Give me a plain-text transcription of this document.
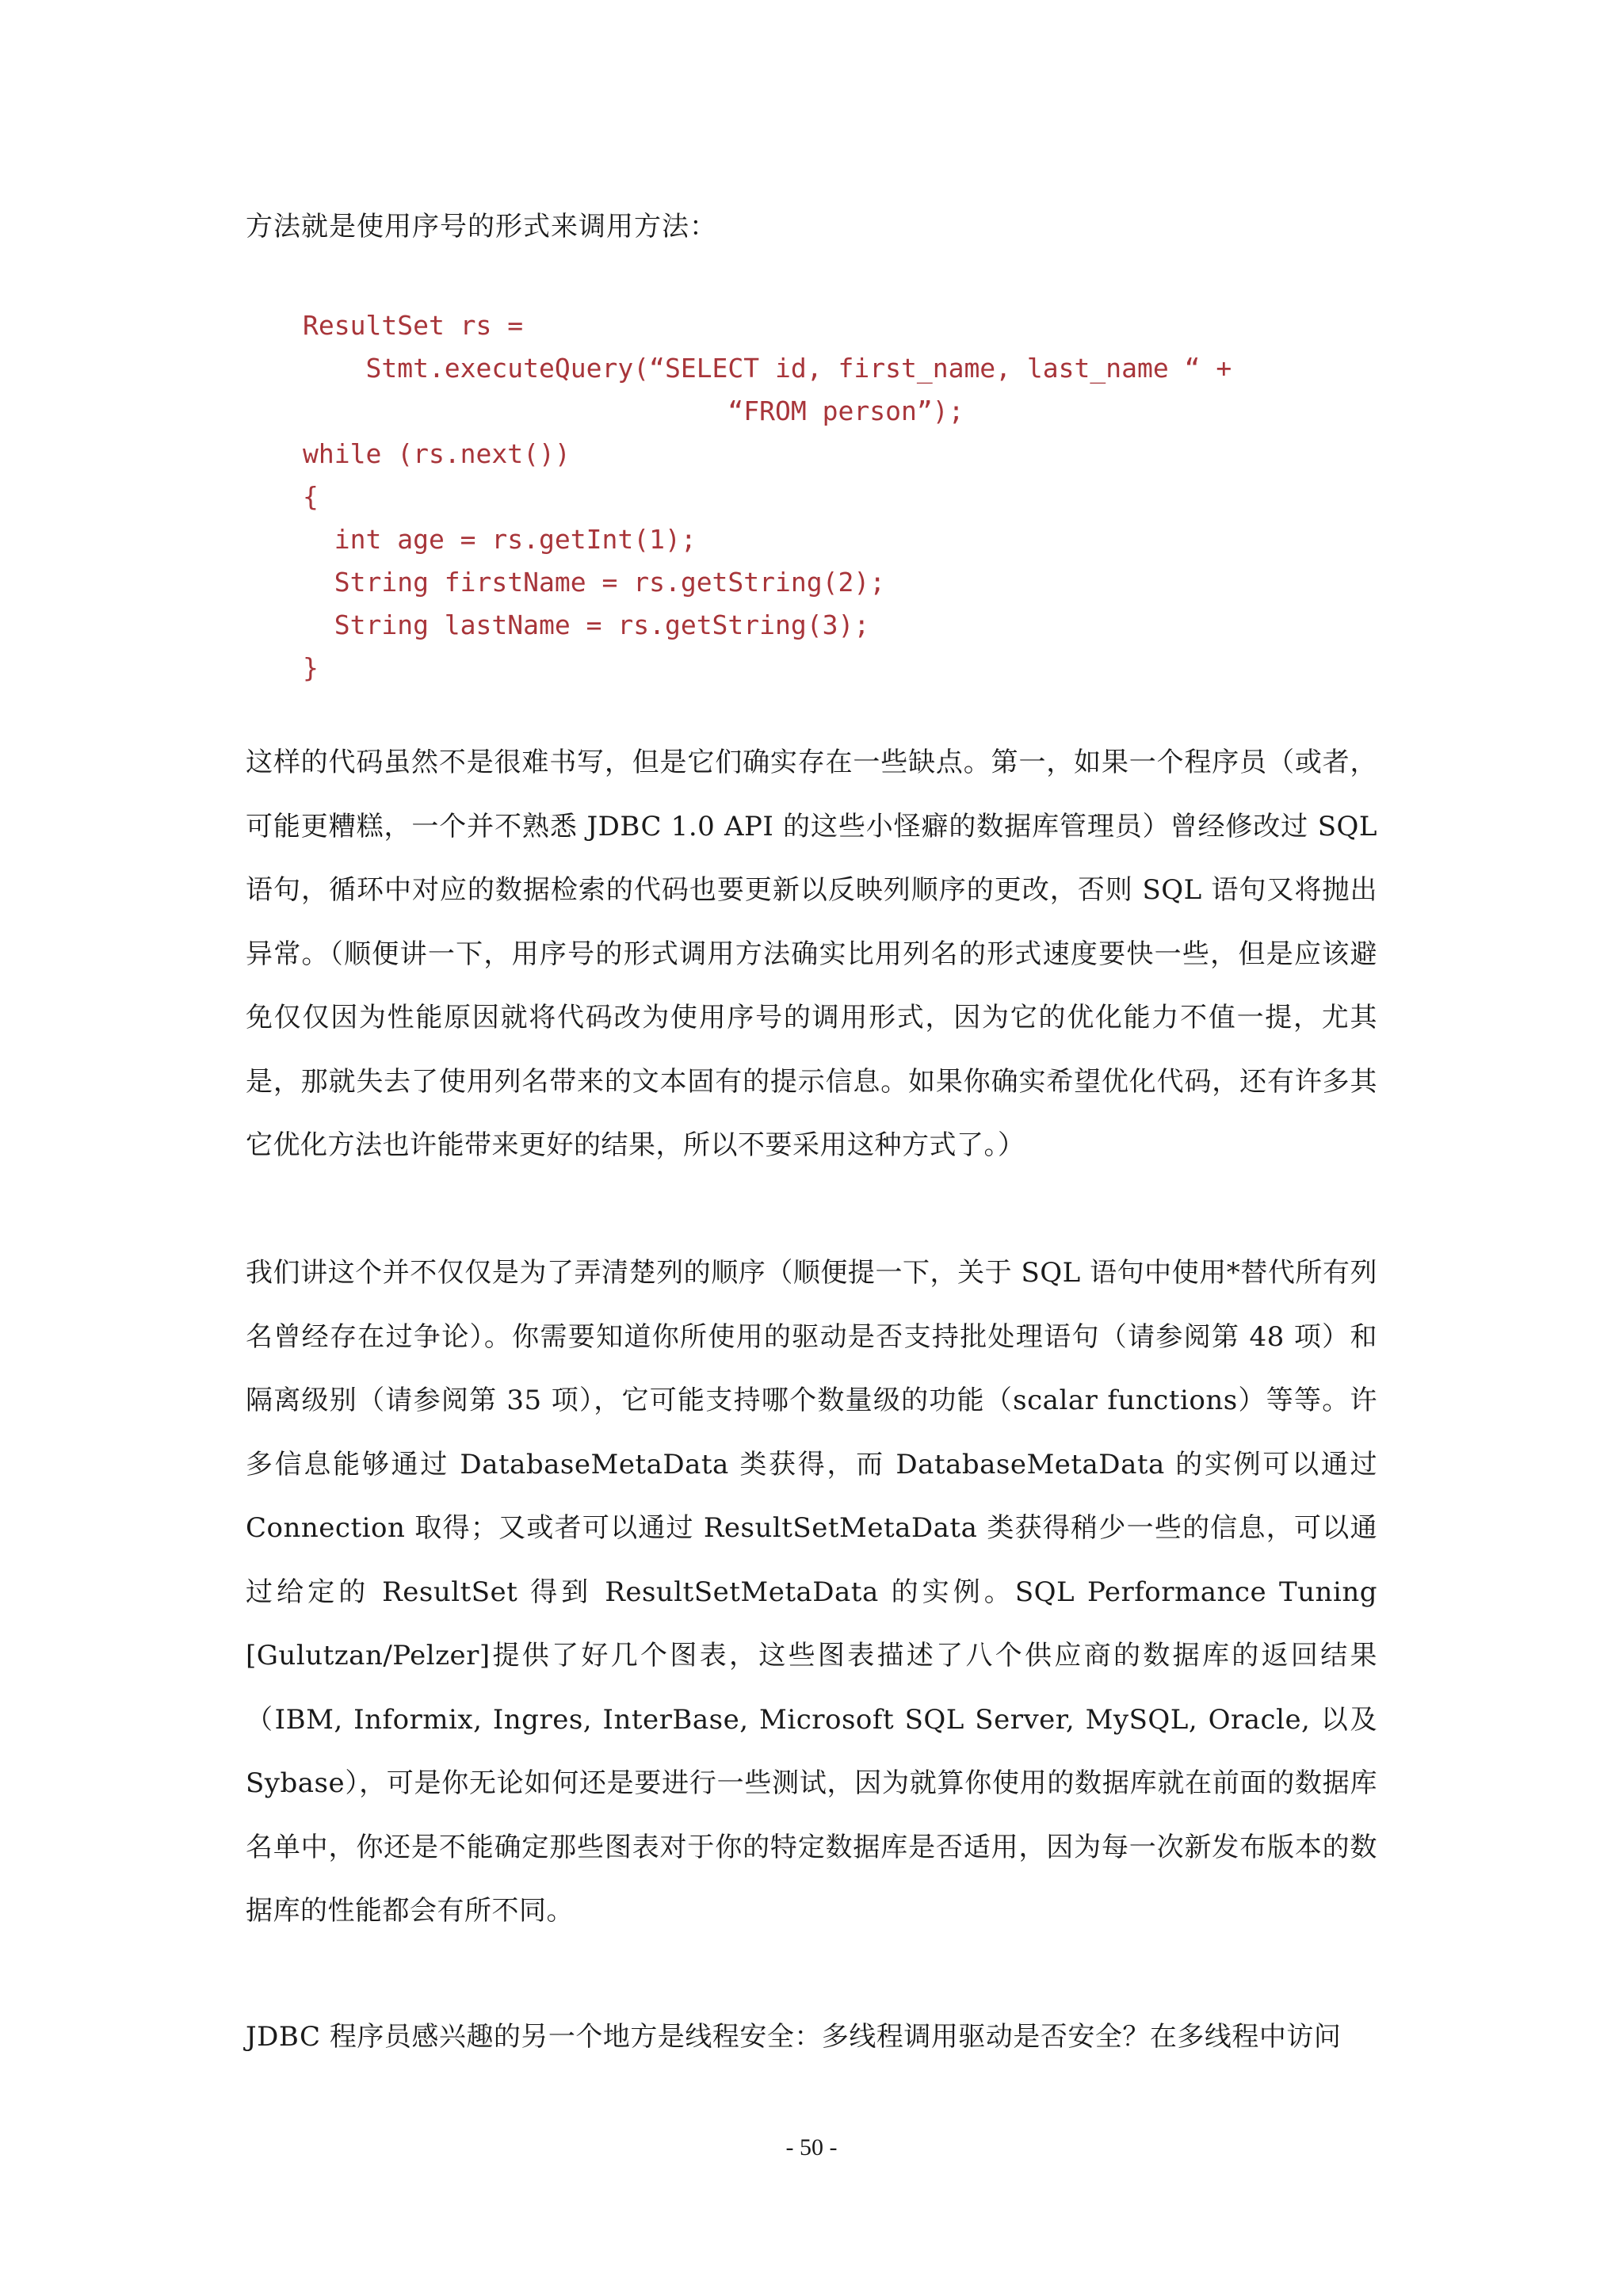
方法就是使用序号的形式来调用方法：
ResultSet rs =
Stmt.executeQuery(“SELECT id, first_name, last_name “ +
“FROM person”);
while (rs.next())
{
int age = rs.getInt(1);
String firstName = rs.getString(2);
String lastName = rs.getString(3);
}
这样的代码虽然不是很难书写，但是它们确实存在一些缺点。第一，如果一个程序员（或者，可能更糟糕，一个并不熟悉 JDBC 1.0 API 的这些小怪癖的数据库管理员）曾经修改过 SQL 语句，循环中对应的数据检索的代码也要更新以反映列顺序的更改，否则 SQL 语句又将抛出异常。（顺便讲一下，用序号的形式调用方法确实比用列名的形式速度要快一些，但是应该避免仅仅因为性能原因就将代码改为使用序号的调用形式，因为它的优化能力不值一提，尤其是，那就失去了使用列名带来的文本固有的提示信息。如果你确实希望优化代码，还有许多其它优化方法也许能带来更好的结果，所以不要采用这种方式了。）
我们讲这个并不仅仅是为了弄清楚列的顺序（顺便提一下，关于 SQL 语句中使用*替代所有列名曾经存在过争论）。你需要知道你所使用的驱动是否支持批处理语句（请参阅第 48 项）和隔离级别（请参阅第 35 项），它可能支持哪个数量级的功能（scalar functions）等等。许多信息能够通过 DatabaseMetaData 类获得，而 DatabaseMetaData 的实例可以通过 Connection 取得；又或者可以通过 ResultSetMetaData 类获得稍少一些的信息，可以通过给定的 ResultSet 得到 ResultSetMetaData 的实例。SQL Performance Tuning [Gulutzan/Pelzer]提供了好几个图表，这些图表描述了八个供应商的数据库的返回结果（IBM, Informix, Ingres, InterBase, Microsoft SQL Server, MySQL, Oracle, 以及 Sybase），可是你无论如何还是要进行一些测试，因为就算你使用的数据库就在前面的数据库名单中，你还是不能确定那些图表对于你的特定数据库是否适用，因为每一次新发布版本的数据库的性能都会有所不同。
JDBC 程序员感兴趣的另一个地方是线程安全：多线程调用驱动是否安全？在多线程中访问
- 50 -
